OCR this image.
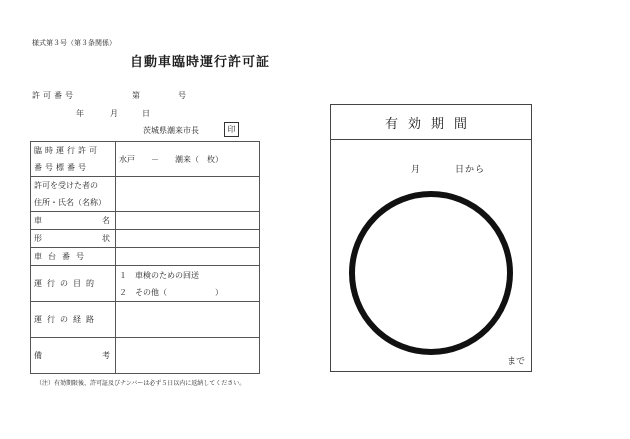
様式第３号（第３条関係）
自動車臨時運行許可証
許可番号	第	号
年	月	日
茨城県潮来市長	印
臨時運行許可
番号標番号	水戸　　－　　潮来（　枚）

許可を受けた者の
住所・氏名（名称）	

車 名	

形 状	

車台番号	
運行の目的	１　車検のための回送
２　その他（　　　　　　）

運行の経路	

備 考	

（注）有効期限後、許可証及びナンバーは必ず５日以内に返納してください。
有効期間
月	日から
まで
